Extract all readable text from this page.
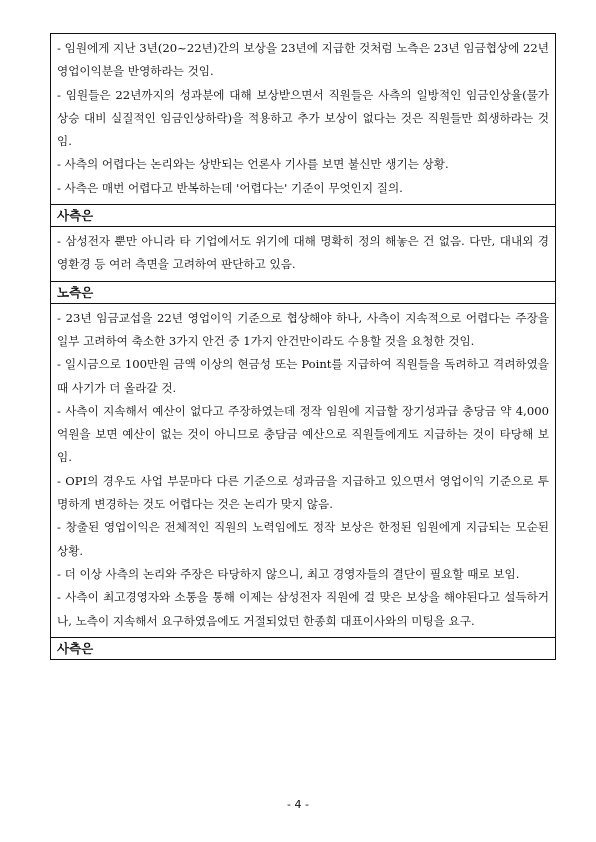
- 임원에게 지난 3년(20~22년)간의 보상을 23년에 지급한 것처럼 노측은 23년 임금협상에 22년 영업이익분을 반영하라는 것임.

- 임원들은 22년까지의 성과분에 대해 보상받으면서 직원들은 사측의 일방적인 임금인상율(물가상승 대비 실질적인 임금인상하락)을 적용하고 추가 보상이 없다는 것은 직원들만 희생하라는 것임.

- 사측의 어렵다는 논리와는 상반되는 언론사 기사를 보면 불신만 생기는 상황.

- 사측은 매번 어렵다고 반복하는데 '어렵다는' 기준이 무엇인지 질의.

사측은

- 삼성전자 뿐만 아니라 타 기업에서도 위기에 대해 명확히 정의 해놓은 건 없음. 다만, 대내외 경영환경 등 여러 측면을 고려하여 판단하고 있음.

노측은

- 23년 임금교섭을 22년 영업이익 기준으로 협상해야 하나, 사측이 지속적으로 어렵다는 주장을 일부 고려하여 축소한 3가지 안건 중 1가지 안건만이라도 수용할 것을 요청한 것임.

- 일시금으로 100만원 금액 이상의 현금성 또는 Point를 지급하여 직원들을 독려하고 격려하였을 때 사기가 더 올라갈 것.

- 사측이 지속해서 예산이 없다고 주장하였는데 정작 임원에 지급할 장기성과급 충당금 약 4,000억원을 보면 예산이 없는 것이 아니므로 충담금 예산으로 직원들에게도 지급하는 것이 타당해 보임.

- OPI의 경우도 사업 부문마다 다른 기준으로 성과금을 지급하고 있으면서 영업이익 기준으로 투명하게 변경하는 것도 어렵다는 것은 논리가 맞지 않음.

- 창출된 영업이익은 전체적인 직원의 노력임에도 정작 보상은 한정된 임원에게 지급되는 모순된 상황.

- 더 이상 사측의 논리와 주장은 타당하지 않으니, 최고 경영자들의 결단이 필요할 때로 보임.

- 사측이 최고경영자와 소통을 통해 이제는 삼성전자 직원에 걸 맞은 보상을 해야된다고 설득하거나, 노측이 지속해서 요구하였음에도 거절되었던 한종희 대표이사와의 미팅을 요구.

사측은
- 4 -
